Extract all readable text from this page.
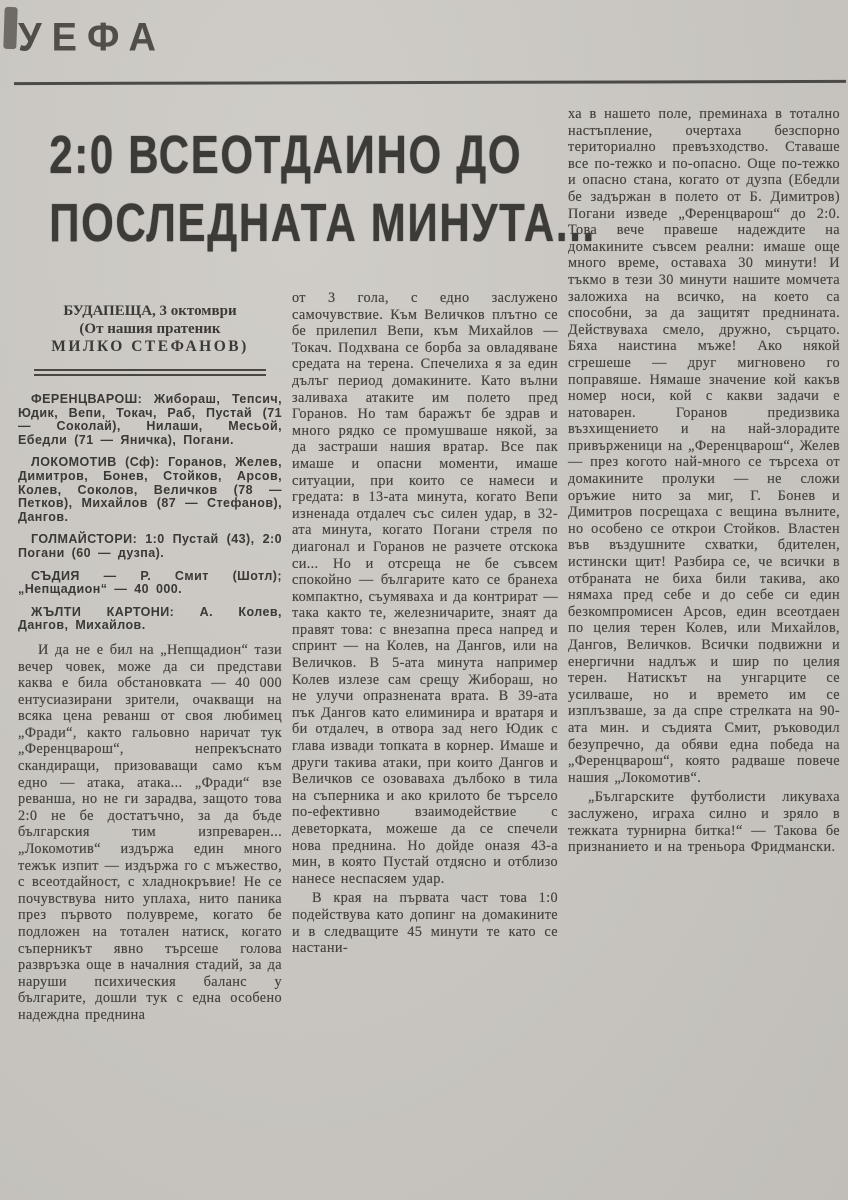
УЕФА
2:0 ВСЕОТДАИНО ДО
ПОСЛЕДНАТА МИНУТА...
БУДАПЕЩА, 3 октомври
(От нашия пратеник
МИЛКО СТЕФАНОВ)

ФЕРЕНЦВАРОШ: Жибораш, Тепсич, Юдик, Вепи, Токач, Раб, Пустай (71 — Соколай), Нилаши, Месьой, Ебедли (71 — Яничка), Погани.

ЛОКОМОТИВ (Сф): Горанов, Желев, Димитров, Бонев, Стойков, Арсов, Колев, Соколов, Величков (78 — Петков), Михайлов (87 — Стефанов), Дангов.

ГОЛМАЙСТОРИ: 1:0 Пустай (43), 2:0 Погани (60 — дузпа).

СЪДИЯ — Р. Смит (Шотл); „Непщадион“ — 40 000.

ЖЪЛТИ КАРТОНИ: А. Колев, Дангов, Михайлов.

И да не е бил на „Непщадион“ тази вечер човек, може да си представи каква е била обстановката — 40 000 ентусиазирани зрители, очакващи на всяка цена реванш от своя любимец „Фради“, както гальовно наричат тук „Ференцварош“, непрекъснато скандиращи, призоваващи само към едно — атака, атака... „Фради“ взе реванша, но не ги зарадва, защото това 2:0 не бе достатъчно, за да бъде българския тим изпреварен... „Локомотив“ издържа един много тежък изпит — издържа го с мъжество, с всеотдайност, с хладнокръвие! Не се почувствува нито уплаха, нито паника през първото полувреме, когато бе подложен на тотален натиск, когато съперникът явно търсеше голова развръзка още в началния стадий, за да наруши психическия баланс у българите, дошли тук с една особено надеждна преднина

от 3 гола, с едно заслужено самочувствие. Към Величков плътно се бе прилепил Вепи, към Михайлов — Токач. Подхвана се борба за овладяване средата на терена. Спечелиха я за един дълъг период домакините. Като вълни заливаха атаките им полето пред Горанов. Но там баражът бе здрав и много рядко се промушваше някой, за да застраши нашия вратар. Все пак имаше и опасни моменти, имаше ситуации, при които се намеси и гредата: в 13-ата минута, когато Вепи изненада отдалеч със силен удар, в 32-ата минута, когато Погани стреля по диагонал и Горанов не разчете отскока си... Но и отсреща не бе съвсем спокойно — българите като се бранеха компактно, съумяваха и да контрират — така както те, железничарите, знаят да правят това: с внезапна преса напред и спринт — на Колев, на Дангов, или на Величков. В 5-ата минута например Колев излезе сам срещу Жибораш, но не улучи опразнената врата. В 39-ата пък Дангов като елиминира и вратаря и би отдалеч, в отвора зад него Юдик с глава извади топката в корнер. Имаше и други такива атаки, при които Дангов и Величков се озоваваха дълбоко в тила на съперника и ако крилото бе търсело по-ефективно взаимодействие с деветорката, можеше да се спечели нова преднина. Но дойде оназя 43-а мин, в която Пустай отдясно и отблизо нанесе неспасяем удар.

В края на първата част това 1:0 подействува като допинг на домакините и в следващите 45 минути те като се настани-

ха в нашето поле, преминаха в тотално настъпление, очертаха безспорно териториално превъзходство. Ставаше все по-тежко и по-опасно. Още по-тежко и опасно стана, когато от дузпа (Ебедли бе задържан в полето от Б. Димитров) Погани изведе „Ференцварош“ до 2:0. Това вече правеше надеждите на домакините съвсем реални: имаше още много време, оставаха 30 минути! И тъкмо в тези 30 минути нашите момчета заложиха на всичко, на което са способни, за да защитят преднината. Действуваха смело, дружно, сърцато. Бяха наистина мъже! Ако някой сгрешеше — друг мигновено го поправяше. Нямаше значение кой какъв номер носи, кой с какви задачи е натоварен. Горанов предизвика възхищението и на най-злорадите привърженици на „Ференцварош“, Желев — през когото най-много се търсеха от домакините пролуки — не сложи оръжие нито за миг, Г. Бонев и Димитров посрещаха с вещина вълните, но особено се открои Стойков. Властен във въздушните схватки, бдителен, истински щит! Разбира се, че всички в отбраната не биха били такива, ако нямаха пред себе и до себе си един безкомпромисен Арсов, един всеотдаен по целия терен Колев, или Михайлов, Дангов, Величков. Всички подвижни и енергични надлъж и шир по целия терен. Натискът на унгарците се усилваше, но и времето им се изплъзваше, за да спре стрелката на 90-ата мин. и съдията Смит, ръководил безупречно, да обяви една победа на „Ференцварош“, която радваше повече нашия „Локомотив“.

„Българските футболисти ликуваха заслужено, играха силно и зряло в тежката турнирна битка!“ — Такова бе признанието и на треньора Фридмански.
